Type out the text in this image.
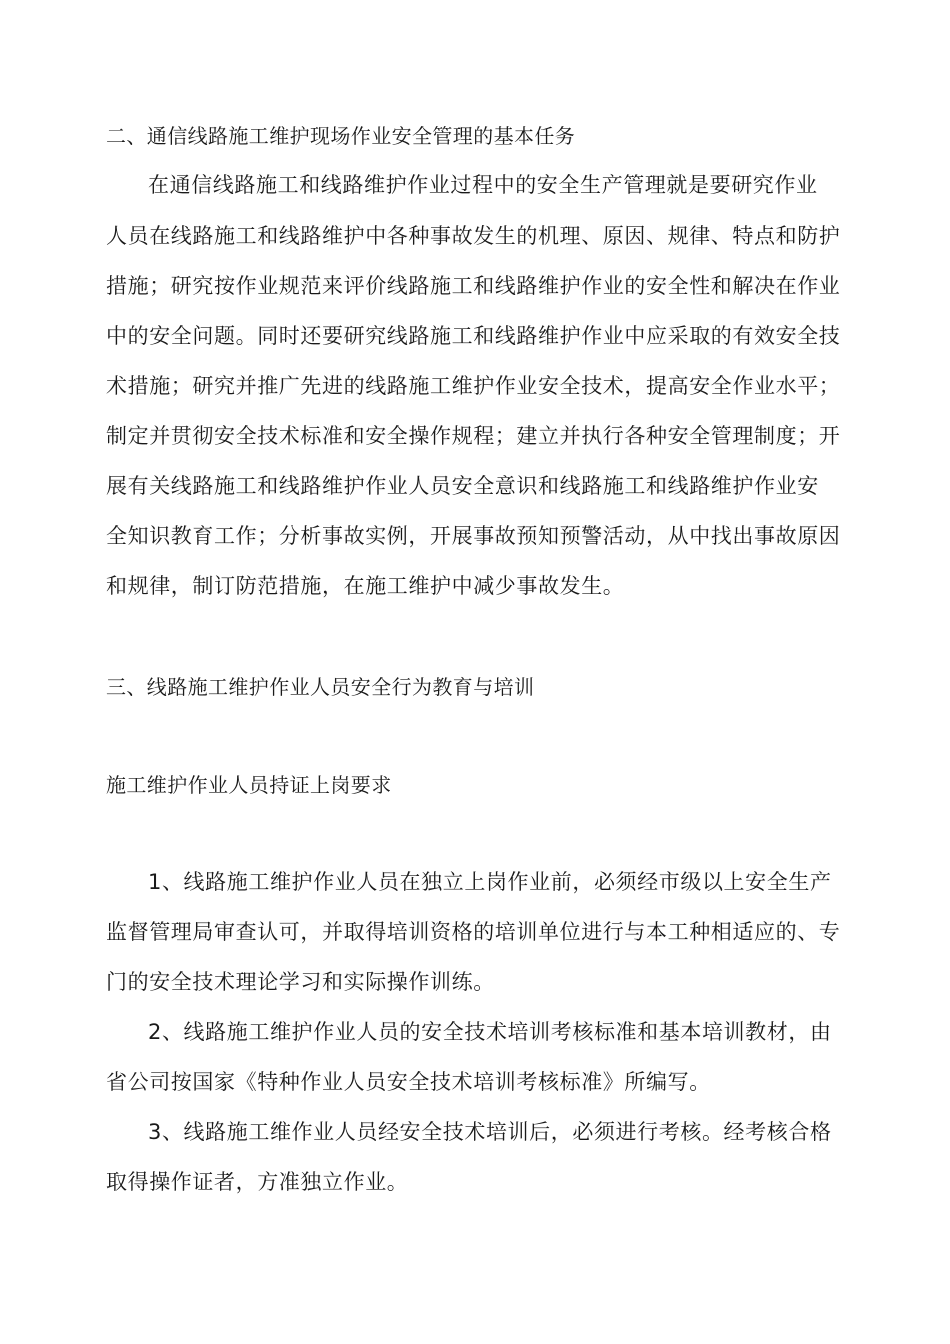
二、通信线路施工维护现场作业安全管理的基本任务
在通信线路施工和线路维护作业过程中的安全生产管理就是要研究作业
人员在线路施工和线路维护中各种事故发生的机理、原因、规律、特点和防护
措施；研究按作业规范来评价线路施工和线路维护作业的安全性和解决在作业
中的安全问题。同时还要研究线路施工和线路维护作业中应采取的有效安全技
术措施；研究并推广先进的线路施工维护作业安全技术，提高安全作业水平；
制定并贯彻安全技术标准和安全操作规程；建立并执行各种安全管理制度；开
展有关线路施工和线路维护作业人员安全意识和线路施工和线路维护作业安
全知识教育工作；分析事故实例，开展事故预知预警活动，从中找出事故原因
和规律，制订防范措施，在施工维护中减少事故发生。
三、线路施工维护作业人员安全行为教育与培训
施工维护作业人员持证上岗要求
1、线路施工维护作业人员在独立上岗作业前，必须经市级以上安全生产
监督管理局审查认可，并取得培训资格的培训单位进行与本工种相适应的、专
门的安全技术理论学习和实际操作训练。
2、线路施工维护作业人员的安全技术培训考核标准和基本培训教材，由
省公司按国家《特种作业人员安全技术培训考核标准》所编写。
3、线路施工维作业人员经安全技术培训后，必须进行考核。经考核合格
取得操作证者，方准独立作业。
